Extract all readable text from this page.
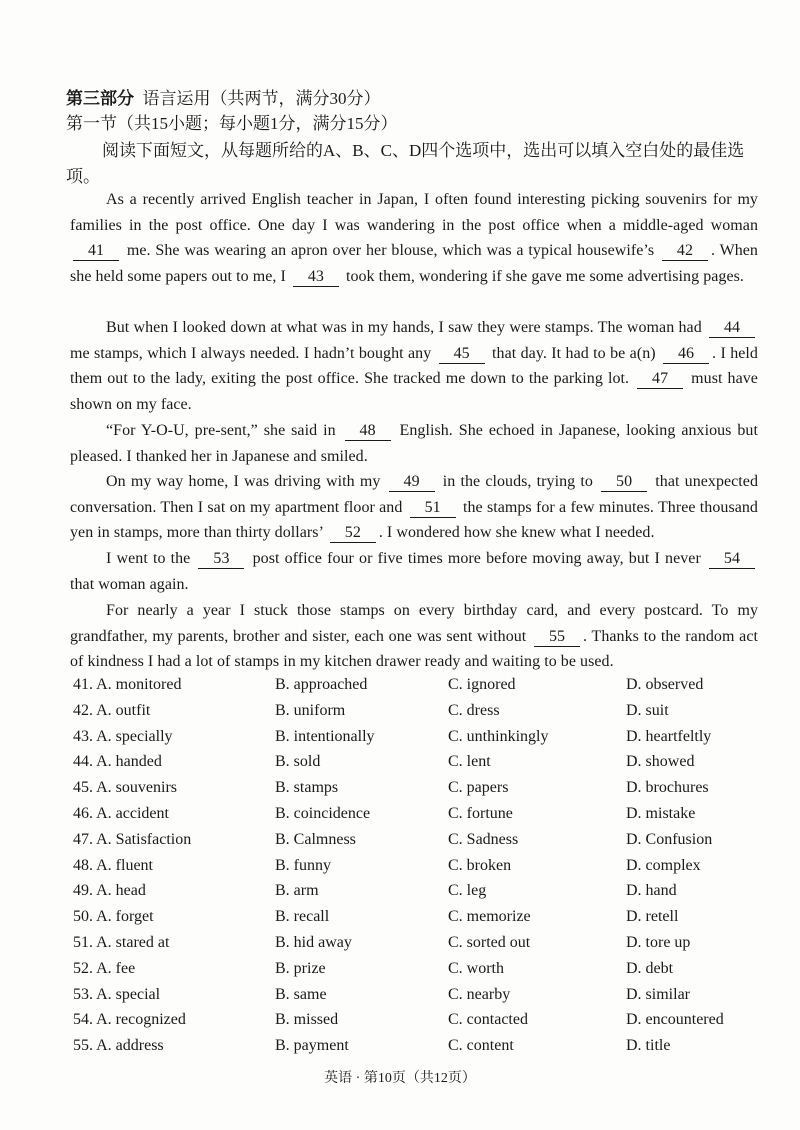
第三部分 语言运用（共两节，满分30分）
第一节（共15小题；每小题1分，满分15分）
阅读下面短文，从每题所给的A、B、C、D四个选项中，选出可以填入空白处的最佳选项。
As a recently arrived English teacher in Japan, I often found interesting picking souvenirs for my families in the post office. One day I was wandering in the post office when a middle-aged woman 41 me. She was wearing an apron over her blouse, which was a typical housewife’s 42 . When she held some papers out to me, I 43 took them, wondering if she gave me some advertising pages.
But when I looked down at what was in my hands, I saw they were stamps. The woman had 44 me stamps, which I always needed. I hadn’t bought any 45 that day. It had to be a(n) 46 . I held them out to the lady, exiting the post office. She tracked me down to the parking lot. 47 must have shown on my face.
“For Y-O-U, pre-sent,” she said in 48 English. She echoed in Japanese, looking anxious but pleased. I thanked her in Japanese and smiled.
On my way home, I was driving with my 49 in the clouds, trying to 50 that unexpected conversation. Then I sat on my apartment floor and 51 the stamps for a few minutes. Three thousand yen in stamps, more than thirty dollars’ 52 . I wondered how she knew what I needed.
I went to the 53 post office four or five times more before moving away, but I never 54 that woman again.
For nearly a year I stuck those stamps on every birthday card, and every postcard. To my grandfather, my parents, brother and sister, each one was sent without 55 . Thanks to the random act of kindness I had a lot of stamps in my kitchen drawer ready and waiting to be used.
41. A. monitored	B. approached	C. ignored	D. observed
42. A. outfit	B. uniform	C. dress	D. suit
43. A. specially	B. intentionally	C. unthinkingly	D. heartfeltly
44. A. handed	B. sold	C. lent	D. showed
45. A. souvenirs	B. stamps	C. papers	D. brochures
46. A. accident	B. coincidence	C. fortune	D. mistake
47. A. Satisfaction	B. Calmness	C. Sadness	D. Confusion
48. A. fluent	B. funny	C. broken	D. complex
49. A. head	B. arm	C. leg	D. hand
50. A. forget	B. recall	C. memorize	D. retell
51. A. stared at	B. hid away	C. sorted out	D. tore up
52. A. fee	B. prize	C. worth	D. debt
53. A. special	B. same	C. nearby	D. similar
54. A. recognized	B. missed	C. contacted	D. encountered
55. A. address	B. payment	C. content	D. title
英语 · 第10页（共12页）
